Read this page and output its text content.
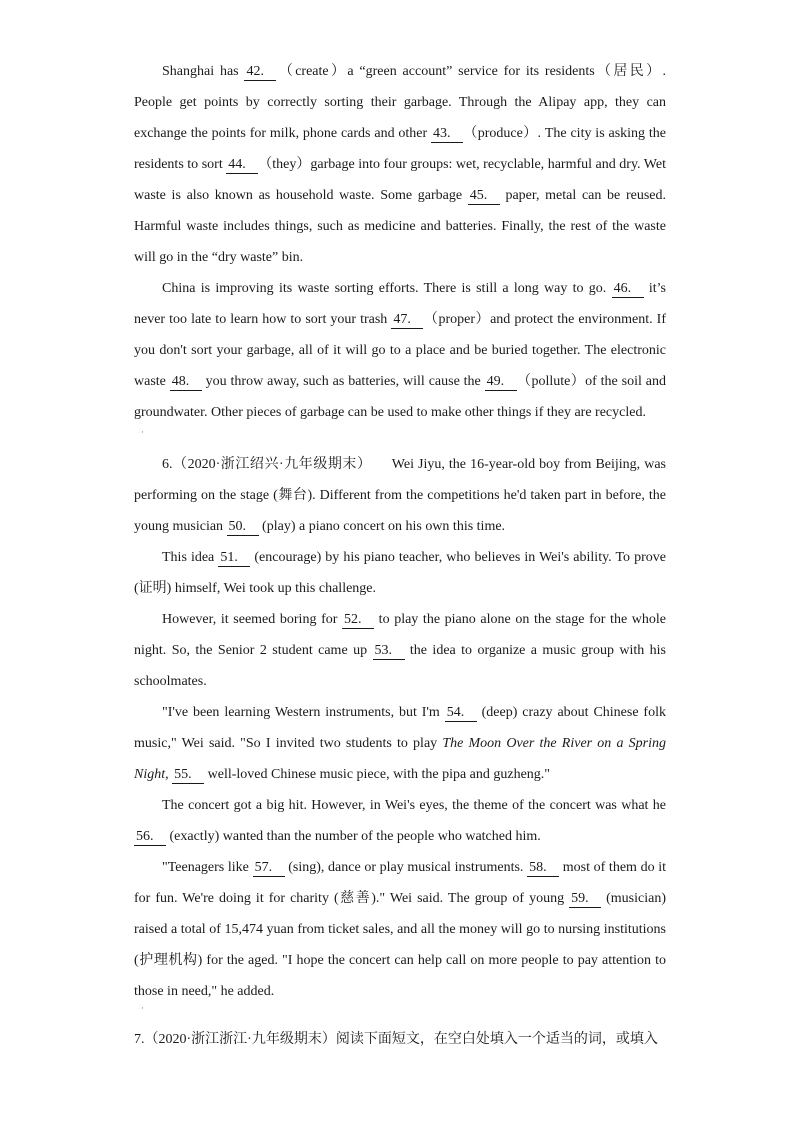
Shanghai has 42. （create）a “green account” service for its residents（居民）. People get points by correctly sorting their garbage. Through the Alipay app, they can exchange the points for milk, phone cards and other 43. （produce）. The city is asking the residents to sort 44. （they）garbage into four groups: wet, recyclable, harmful and dry. Wet waste is also known as household waste. Some garbage 45. paper, metal can be reused. Harmful waste includes things, such as medicine and batteries. Finally, the rest of the waste will go in the “dry waste” bin.

China is improving its waste sorting efforts. There is still a long way to go. 46. it’s never too late to learn how to sort your trash 47. （proper）and protect the environment. If you don't sort your garbage, all of it will go to a place and be buried together. The electronic waste 48. you throw away, such as batteries, will cause the 49. （pollute）of the soil and groundwater. Other pieces of garbage can be used to make other things if they are recycled.

·

6.（2020·浙江绍兴·九年级期末） Wei Jiyu, the 16-year-old boy from Beijing, was performing on the stage (舞台). Different from the competitions he'd taken part in before, the young musician 50. (play) a piano concert on his own this time.

This idea 51. (encourage) by his piano teacher, who believes in Wei's ability. To prove (证明) himself, Wei took up this challenge.

However, it seemed boring for 52. to play the piano alone on the stage for the whole night. So, the Senior 2 student came up 53. the idea to organize a music group with his schoolmates.

"I've been learning Western instruments, but I'm 54. (deep) crazy about Chinese folk music," Wei said. "So I invited two students to play The Moon Over the River on a Spring Night, 55. well-loved Chinese music piece, with the pipa and guzheng."

The concert got a big hit. However, in Wei's eyes, the theme of the concert was what he 56. (exactly) wanted than the number of the people who watched him.

"Teenagers like 57. (sing), dance or play musical instruments. 58. most of them do it for fun. We're doing it for charity (慈善)." Wei said. The group of young 59. (musician) raised a total of 15,474 yuan from ticket sales, and all the money will go to nursing institutions (护理机构) for the aged. "I hope the concert can help call on more people to pay attention to those in need," he added.

·

7.（2020·浙江浙江·九年级期末）阅读下面短文，在空白处填入一个适当的词，或填入
